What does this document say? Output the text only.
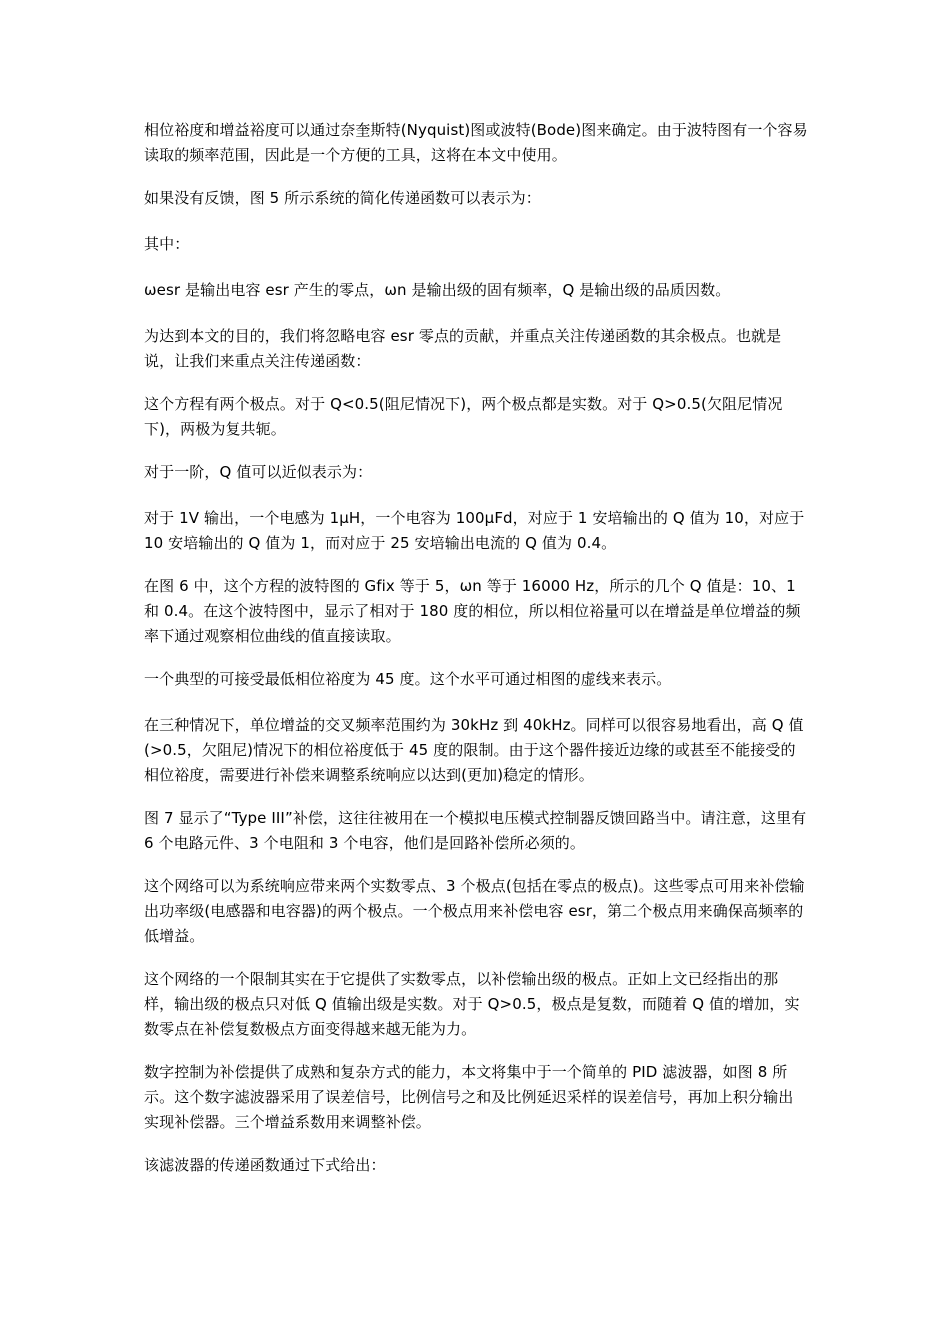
相位裕度和增益裕度可以通过奈奎斯特(Nyquist)图或波特(Bode)图来确定。由于波特图有一个容易读取的频率范围，因此是一个方便的工具，这将在本文中使用。

如果没有反馈，图 5 所示系统的简化传递函数可以表示为：

其中：

ωesr 是输出电容 esr 产生的零点，ωn 是输出级的固有频率，Q 是输出级的品质因数。

为达到本文的目的，我们将忽略电容 esr 零点的贡献，并重点关注传递函数的其余极点。也就是说，让我们来重点关注传递函数：

这个方程有两个极点。对于 Q<0.5(阻尼情况下)，两个极点都是实数。对于 Q>0.5(欠阻尼情况下)，两极为复共轭。

对于一阶，Q 值可以近似表示为：

对于 1V 输出，一个电感为 1μH，一个电容为 100μFd，对应于 1 安培输出的 Q 值为 10，对应于 10 安培输出的 Q 值为 1，而对应于 25 安培输出电流的 Q 值为 0.4。

在图 6 中，这个方程的波特图的 Gfix 等于 5，ωn 等于 16000 Hz，所示的几个 Q 值是：10、1 和 0.4。在这个波特图中，显示了相对于 180 度的相位，所以相位裕量可以在增益是单位增益的频率下通过观察相位曲线的值直接读取。

一个典型的可接受最低相位裕度为 45 度。这个水平可通过相图的虚线来表示。

在三种情况下，单位增益的交叉频率范围约为 30kHz 到 40kHz。同样可以很容易地看出，高 Q 值(>0.5，欠阻尼)情况下的相位裕度低于 45 度的限制。由于这个器件接近边缘的或甚至不能接受的相位裕度，需要进行补偿来调整系统响应以达到(更加)稳定的情形。

图 7 显示了“Type III”补偿，这往往被用在一个模拟电压模式控制器反馈回路当中。请注意，这里有 6 个电路元件、3 个电阻和 3 个电容，他们是回路补偿所必须的。

这个网络可以为系统响应带来两个实数零点、3 个极点(包括在零点的极点)。这些零点可用来补偿输出功率级(电感器和电容器)的两个极点。一个极点用来补偿电容 esr，第二个极点用来确保高频率的低增益。

这个网络的一个限制其实在于它提供了实数零点，以补偿输出级的极点。正如上文已经指出的那样，输出级的极点只对低 Q 值输出级是实数。对于 Q>0.5，极点是复数，而随着 Q 值的增加，实数零点在补偿复数极点方面变得越来越无能为力。

数字控制为补偿提供了成熟和复杂方式的能力，本文将集中于一个简单的 PID 滤波器，如图 8 所示。这个数字滤波器采用了误差信号，比例信号之和及比例延迟采样的误差信号，再加上积分输出实现补偿器。三个增益系数用来调整补偿。

该滤波器的传递函数通过下式给出：
